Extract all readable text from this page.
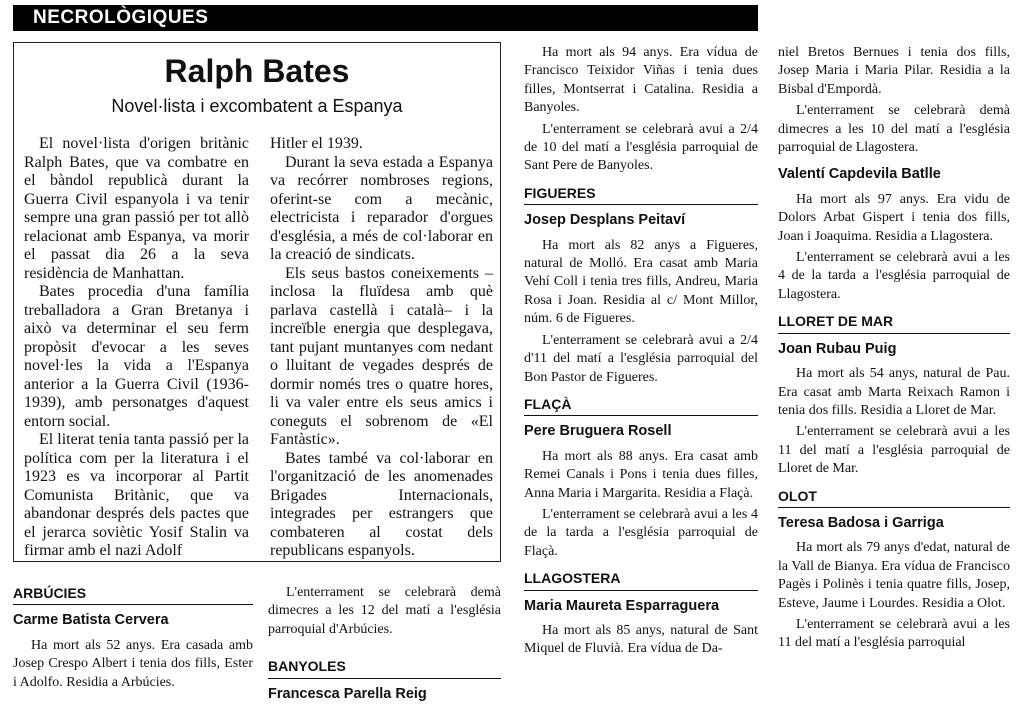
NECROLÒGIQUES
Ralph Bates
Novel·lista i excombatent a Espanya

El novel·lista d'origen britànic Ralph Bates, que va combatre en el bàndol republicà durant la Guerra Civil espanyola i va tenir sempre una gran passió per tot allò relacionat amb Espanya, va morir el passat dia 26 a la seva residència de Manhattan.

Bates procedia d'una família treballadora a Gran Bretanya i això va determinar el seu ferm propòsit d'evocar a les seves novel·les la vida a l'Espanya anterior a la Guerra Civil (1936-1939), amb personatges d'aquest entorn social.

El literat tenia tanta passió per la política com per la literatura i el 1923 es va incorporar al Partit Comunista Britànic, que va abandonar després dels pactes que el jerarca soviètic Yosif Stalin va firmar amb el nazi Adolf

Hitler el 1939.

Durant la seva estada a Espanya va recórrer nombroses regions, oferint-se com a mecànic, electricista i reparador d'orgues d'església, a més de col·laborar en la creació de sindicats.

Els seus bastos coneixements –inclosa la fluïdesa amb què parlava castellà i català– i la increïble energia que desplegava, tant pujant muntanyes com nedant o lluitant de vegades després de dormir només tres o quatre hores, li va valer entre els seus amics i coneguts el sobrenom de «El Fantàstic».

Bates també va col·laborar en l'organització de les anomenades Brigades Internacionals, integrades per estrangers que combateren al costat dels republicans espanyols.

Ha mort als 94 anys. Era vídua de Francisco Teixidor Viñas i tenia dues filles, Montserrat i Catalina. Residia a Banyoles.

L'enterrament se celebrarà avui a 2/4 de 10 del matí a l'església parroquial de Sant Pere de Banyoles.

FIGUERES
Josep Desplans Peitaví

Ha mort als 82 anys a Figueres, natural de Molló. Era casat amb Maria Vehí Coll i tenia tres fills, Andreu, Maria Rosa i Joan. Residia al c/ Mont Millor, núm. 6 de Figueres.

L'enterrament se celebrarà avui a 2/4 d'11 del matí a l'església parroquial del Bon Pastor de Figueres.

FLAÇÀ
Pere Bruguera Rosell

Ha mort als 88 anys. Era casat amb Remei Canals i Pons i tenia dues filles, Anna Maria i Margarita. Residia a Flaçà.

L'enterrament se celebrarà avui a les 4 de la tarda a l'església parroquial de Flaçà.

LLAGOSTERA
Maria Maureta Esparraguera

Ha mort als 85 anys, natural de Sant Miquel de Fluvià. Era vídua de Da-

niel Bretos Bernues i tenia dos fills, Josep Maria i Maria Pilar. Residia a la Bisbal d'Empordà.

L'enterrament se celebrarà demà dimecres a les 10 del matí a l'església parroquial de Llagostera.

Valentí Capdevila Batlle

Ha mort als 97 anys. Era vidu de Dolors Arbat Gispert i tenia dos fills, Joan i Joaquima. Residia a Llagostera.

L'enterrament se celebrarà avui a les 4 de la tarda a l'església parroquial de Llagostera.

LLORET DE MAR
Joan Rubau Puig

Ha mort als 54 anys, natural de Pau. Era casat amb Marta Reixach Ramon i tenia dos fills. Residia a Lloret de Mar.

L'enterrament se celebrarà avui a les 11 del matí a l'església parroquial de Lloret de Mar.

OLOT
Teresa Badosa i Garriga

Ha mort als 79 anys d'edat, natural de la Vall de Bianya. Era vídua de Francisco Pagès i Polinès i tenia quatre fills, Josep, Esteve, Jaume i Lourdes. Residia a Olot.

L'enterrament se celebrarà avui a les 11 del matí a l'església parroquial

ARBÚCIES
Carme Batista Cervera

Ha mort als 52 anys. Era casada amb Josep Crespo Albert i tenia dos fills, Ester i Adolfo. Residia a Arbúcies.

L'enterrament se celebrarà demà dimecres a les 12 del matí a l'església parroquial d'Arbúcies.

BANYOLES
Francesca Parella Reig
